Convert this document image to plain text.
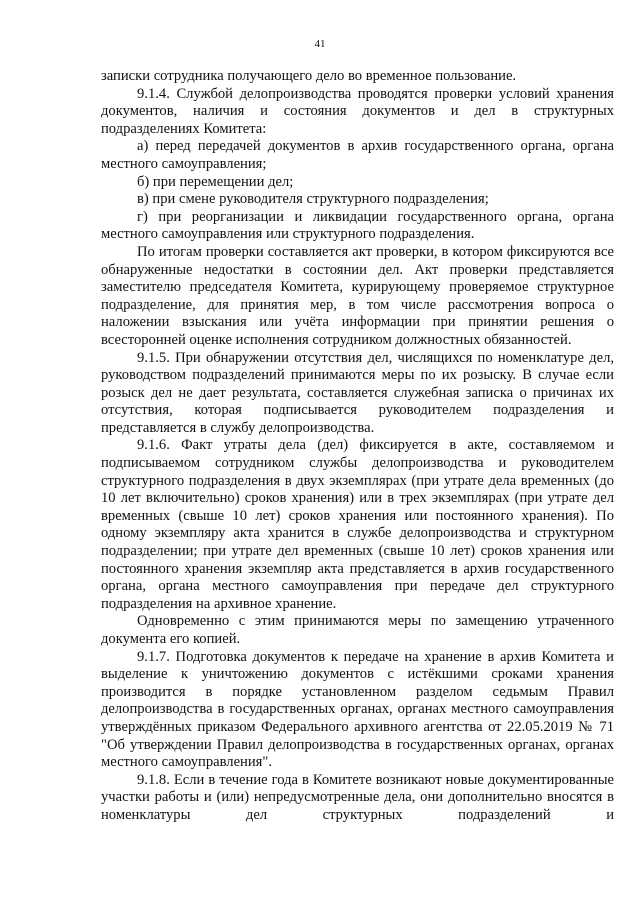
41

записки сотрудника получающего дело во временное пользование.

9.1.4. Службой делопроизводства проводятся проверки условий хранения документов, наличия и состояния документов и дел в структурных подразделениях Комитета:

а) перед передачей документов в архив государственного органа, органа местного самоуправления;

б) при перемещении дел;

в) при смене руководителя структурного подразделения;

г) при реорганизации и ликвидации государственного органа, органа местного самоуправления или структурного подразделения.

По итогам проверки составляется акт проверки, в котором фиксируются все обнаруженные недостатки в состоянии дел. Акт проверки представляется заместителю председателя Комитета, курирующему проверяемое структурное подразделение, для принятия мер, в том числе рассмотрения вопроса о наложении взыскания или учёта информации при принятии решения о всесторонней оценке исполнения сотрудником должностных обязанностей.

9.1.5. При обнаружении отсутствия дел, числящихся по номенклатуре дел, руководством подразделений принимаются меры по их розыску. В случае если розыск дел не дает результата, составляется служебная записка о причинах их отсутствия, которая подписывается руководителем подразделения и представляется в службу делопроизводства.

9.1.6. Факт утраты дела (дел) фиксируется в акте, составляемом и подписываемом сотрудником службы делопроизводства и руководителем структурного подразделения в двух экземплярах (при утрате дела временных (до 10 лет включительно) сроков хранения) или в трех экземплярах (при утрате дел временных (свыше 10 лет) сроков хранения или постоянного хранения). По одному экземпляру акта хранится в службе делопроизводства и структурном подразделении; при утрате дел временных (свыше 10 лет) сроков хранения или постоянного хранения экземпляр акта представляется в архив государственного органа, органа местного самоуправления при передаче дел структурного подразделения на архивное хранение.

Одновременно с этим принимаются меры по замещению утраченного документа его копией.

9.1.7. Подготовка документов к передаче на хранение в архив Комитета и выделение к уничтожению документов с истёкшими сроками хранения производится в порядке установленном разделом седьмым Правил делопроизводства в государственных органах, органах местного самоуправления утверждённых приказом Федерального архивного агентства от 22.05.2019 № 71 "Об утверждении Правил делопроизводства в государственных органах, органах местного самоуправления".

9.1.8. Если в течение года в Комитете возникают новые документированные участки работы и (или) непредусмотренные дела, они дополнительно вносятся в номенклатуры дел структурных подразделений и
